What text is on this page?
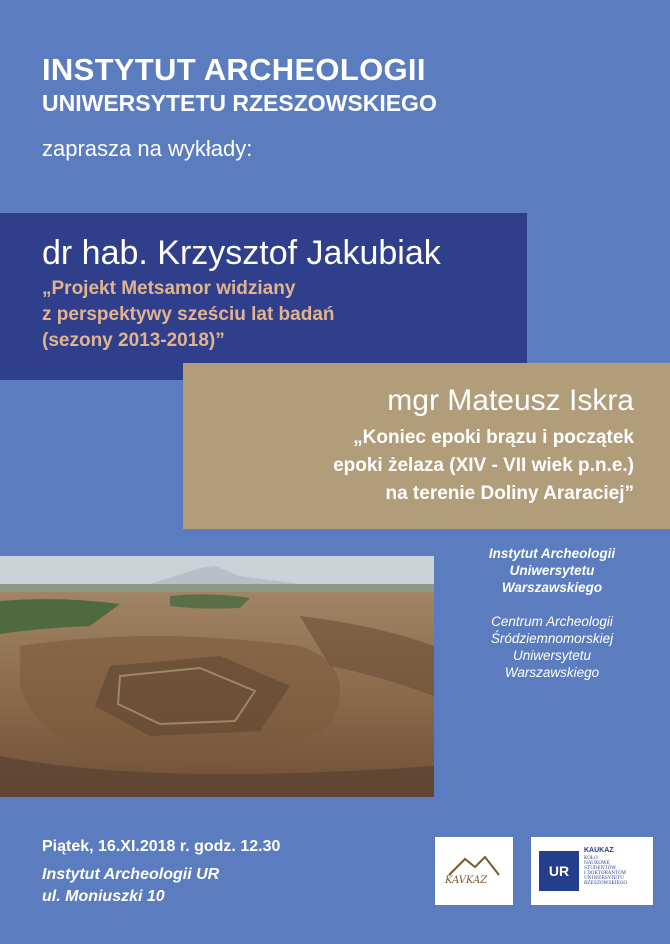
INSTYTUT ARCHEOLOGII
UNIWERSYTETU RZESZOWSKIEGO
zaprasza na wykłady:
dr hab. Krzysztof Jakubiak
„Projekt Metsamor widziany
z perspektywy sześciu lat badań
(sezony 2013-2018)”
mgr Mateusz Iskra
„Koniec epoki brązu i początek
epoki żelaza (XIV - VII wiek p.n.e.)
na terenie Doliny Araraciej”
Instytut Archeologii
Uniwersytetu
Warszawskiego
Centrum Archeologii
Śródziemnomorskiej
Uniwersytetu
Warszawskiego
Piątek, 16.XI.2018 r. godz. 12.30
Instytut Archeologii UR
ul. Moniuszki 10
KAVKAZ
UR
KAUKAZ
KOŁO
NAUKOWE
STUDENTÓW
I DOKTORANTÓW
UNIWERSYTETU
RZESZOWSKIEGO
